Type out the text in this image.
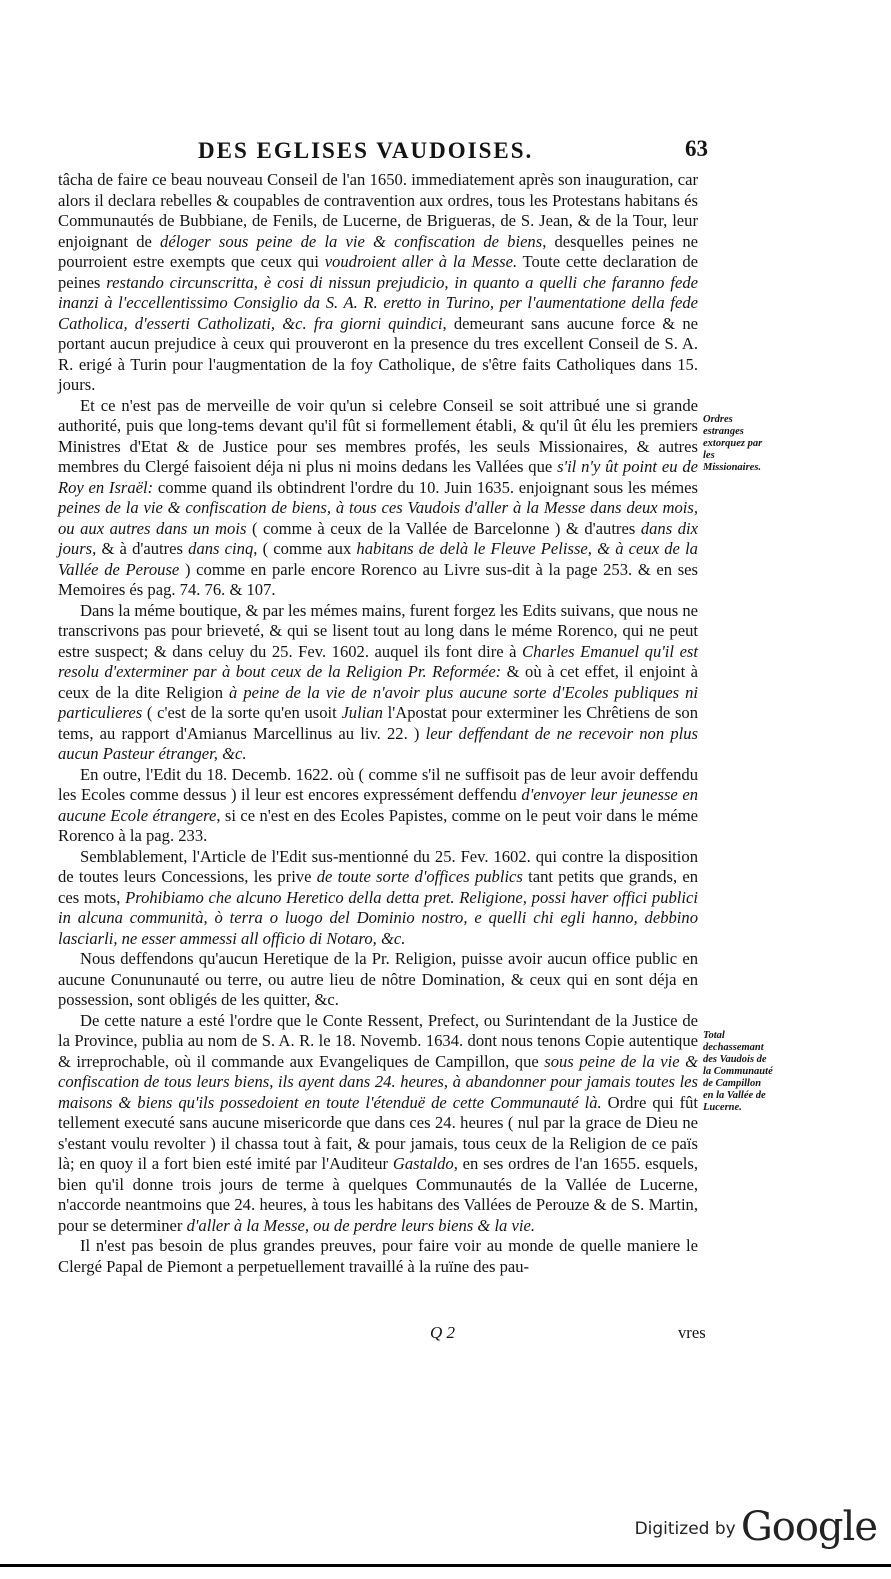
DES EGLISES VAUDOISES.	63

tâcha de faire ce beau nouveau Conseil de l'an 1650. immediatement après son inauguration, car alors il declara rebelles & coupables de contravention aux ordres, tous les Protestans habitans és Communautés de Bubbiane, de Fenils, de Lucerne, de Brigueras, de S. Jean, & de la Tour, leur enjoignant de déloger sous peine de la vie & confiscation de biens, desquelles peines ne pourroient estre exempts que ceux qui voudroient aller à la Messe. Toute cette declaration de peines restando circunscritta, è cosi di nissun prejudicio, in quanto a quelli che faranno fede inanzi à l'eccellentissimo Consiglio da S. A. R. eretto in Turino, per l'aumentatione della fede Catholica, d'esserti Catholizati, &c. fra giorni quindici, demeurant sans aucune force & ne portant aucun prejudice à ceux qui prouveront en la presence du tres excellent Conseil de S. A. R. erigé à Turin pour l'augmentation de la foy Catholique, de s'être faits Catholiques dans 15. jours.

Et ce n'est pas de merveille de voir qu'un si celebre Conseil se soit attribué une si grande authorité, puis que long-tems devant qu'il fût si formellement établi, & qu'il ût élu les premiers Ministres d'Etat & de Justice pour ses membres profés, les seuls Missionaires, & autres membres du Clergé faisoient déja ni plus ni moins dedans les Vallées que s'il n'y ût point eu de Roy en Israël: comme quand ils obtindrent l'ordre du 10. Juin 1635. enjoignant sous les mémes peines de la vie & confiscation de biens, à tous ces Vaudois d'aller à la Messe dans deux mois, ou aux autres dans un mois ( comme à ceux de la Vallée de Barcelonne ) & d'autres dans dix jours, & à d'autres dans cinq, ( comme aux habitans de delà le Fleuve Pelisse, & à ceux de la Vallée de Perouse ) comme en parle encore Rorenco au Livre sus-dit à la page 253. & en ses Memoires és pag. 74. 76. & 107.

Dans la méme boutique, & par les mémes mains, furent forgez les Edits suivans, que nous ne transcrivons pas pour brieveté, & qui se lisent tout au long dans le méme Rorenco, qui ne peut estre suspect; & dans celuy du 25. Fev. 1602. auquel ils font dire à Charles Emanuel qu'il est resolu d'exterminer par à bout ceux de la Religion Pr. Reformée: & où à cet effet, il enjoint à ceux de la dite Religion à peine de la vie de n'avoir plus aucune sorte d'Ecoles publiques ni particulieres ( c'est de la sorte qu'en usoit Julian l'Apostat pour exterminer les Chrêtiens de son tems, au rapport d'Amianus Marcellinus au liv. 22. ) leur deffendant de ne recevoir non plus aucun Pasteur étranger, &c.

En outre, l'Edit du 18. Decemb. 1622. où ( comme s'il ne suffisoit pas de leur avoir deffendu les Ecoles comme dessus ) il leur est encores expressément deffendu d'envoyer leur jeunesse en aucune Ecole étrangere, si ce n'est en des Ecoles Papistes, comme on le peut voir dans le méme Rorenco à la pag. 233.

Semblablement, l'Article de l'Edit sus-mentionné du 25. Fev. 1602. qui contre la disposition de toutes leurs Concessions, les prive de toute sorte d'offices publics tant petits que grands, en ces mots, Prohibiamo che alcuno Heretico della detta pret. Religione, possi haver offici publici in alcuna communità, ò terra o luogo del Dominio nostro, e quelli chi egli hanno, debbino lasciarli, ne esser ammessi all officio di Notaro, &c.

Nous deffendons qu'aucun Heretique de la Pr. Religion, puisse avoir aucun office public en aucune Conununauté ou terre, ou autre lieu de nôtre Domination, & ceux qui en sont déja en possession, sont obligés de les quitter, &c.

De cette nature a esté l'ordre que le Conte Ressent, Prefect, ou Surintendant de la Justice de la Province, publia au nom de S. A. R. le 18. Novemb. 1634. dont nous tenons Copie autentique & irreprochable, où il commande aux Evangeliques de Campillon, que sous peine de la vie & confiscation de tous leurs biens, ils ayent dans 24. heures, à abandonner pour jamais toutes les maisons & biens qu'ils possedoient en toute l'étenduë de cette Communauté là. Ordre qui fût tellement executé sans aucune misericorde que dans ces 24. heures ( nul par la grace de Dieu ne s'estant voulu revolter ) il chassa tout à fait, & pour jamais, tous ceux de la Religion de ce païs là; en quoy il a fort bien esté imité par l'Auditeur Gastaldo, en ses ordres de l'an 1655. esquels, bien qu'il donne trois jours de terme à quelques Communautés de la Vallée de Lucerne, n'accorde neantmoins que 24. heures, à tous les habitans des Vallées de Perouze & de S. Martin, pour se determiner d'aller à la Messe, ou de perdre leurs biens & la vie.

Il n'est pas besoin de plus grandes preuves, pour faire voir au monde de quelle maniere le Clergé Papal de Piemont a perpetuellement travaillé à la ruïne des pau-

Ordres estranges extorquez par les Missionaires.
Total dechassemant des Vaudois de la Communauté de Campillon en la Vallée de Lucerne.
Q 2	vres
Digitized by Google
